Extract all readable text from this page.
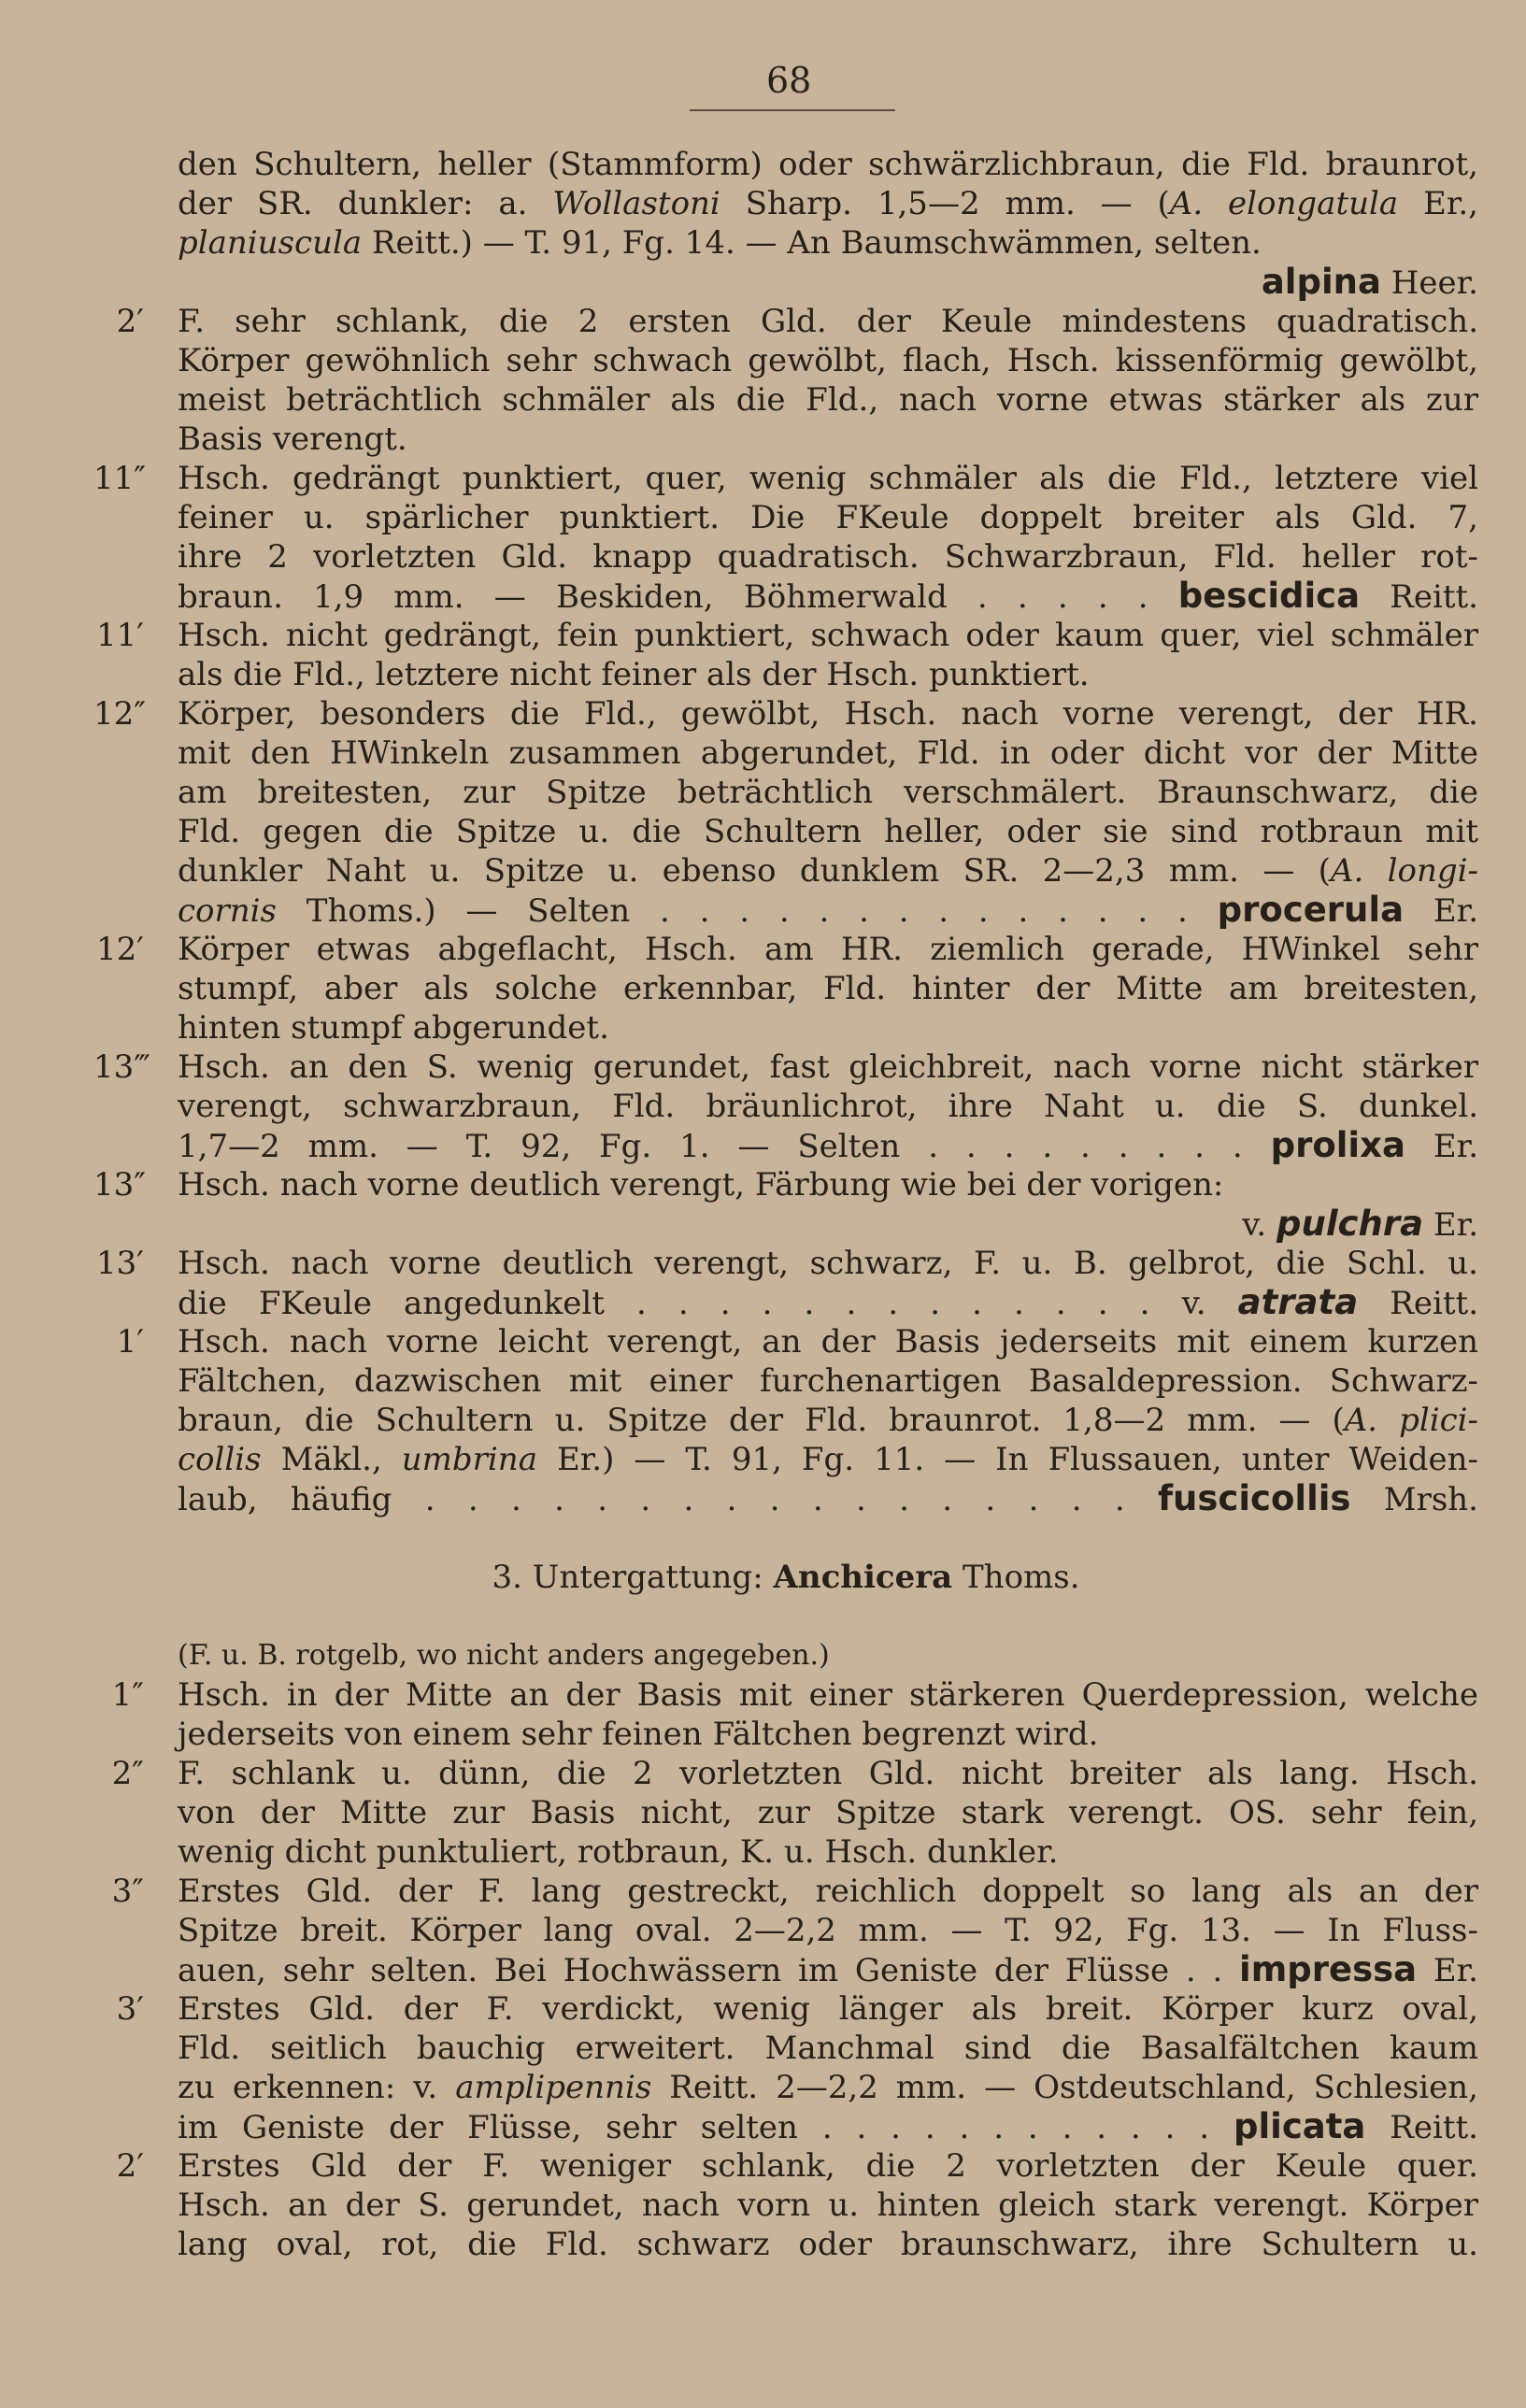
68
den Schultern, heller (Stammform) oder schwärzlichbraun, die Fld. braunrot,
der SR. dunkler: a. Wollastoni Sharp. 1,5—2 mm. — (A. elongatula Er.,
planiuscula Reitt.) — T. 91, Fg. 14. — An Baumschwämmen, selten.
alpina Heer.
2′ F. sehr schlank, die 2 ersten Gld. der Keule mindestens quadratisch.
Körper gewöhnlich sehr schwach gewölbt, flach, Hsch. kissenförmig gewölbt,
meist beträchtlich schmäler als die Fld., nach vorne etwas stärker als zur
Basis verengt.
11″ Hsch. gedrängt punktiert, quer, wenig schmäler als die Fld., letztere viel
feiner u. spärlicher punktiert. Die FKeule doppelt breiter als Gld. 7,
ihre 2 vorletzten Gld. knapp quadratisch. Schwarzbraun, Fld. heller rot-
braun. 1,9 mm. — Beskiden, Böhmerwald . . . . . bescidica Reitt.
11′ Hsch. nicht gedrängt, fein punktiert, schwach oder kaum quer, viel schmäler
als die Fld., letztere nicht feiner als der Hsch. punktiert.
12″ Körper, besonders die Fld., gewölbt, Hsch. nach vorne verengt, der HR.
mit den HWinkeln zusammen abgerundet, Fld. in oder dicht vor der Mitte
am breitesten, zur Spitze beträchtlich verschmälert. Braunschwarz, die
Fld. gegen die Spitze u. die Schultern heller, oder sie sind rotbraun mit
dunkler Naht u. Spitze u. ebenso dunklem SR. 2—2,3 mm. — (A. longi-
cornis Thoms.) — Selten . . . . . . . . . . . . . . procerula Er.
12′ Körper etwas abgeflacht, Hsch. am HR. ziemlich gerade, HWinkel sehr
stumpf, aber als solche erkennbar, Fld. hinter der Mitte am breitesten,
hinten stumpf abgerundet.
13‴ Hsch. an den S. wenig gerundet, fast gleichbreit, nach vorne nicht stärker
verengt, schwarzbraun, Fld. bräunlichrot, ihre Naht u. die S. dunkel.
1,7—2 mm. — T. 92, Fg. 1. — Selten . . . . . . . . . prolixa Er.
13″ Hsch. nach vorne deutlich verengt, Färbung wie bei der vorigen:
v. pulchra Er.
13′ Hsch. nach vorne deutlich verengt, schwarz, F. u. B. gelbrot, die Schl. u.
die FKeule angedunkelt . . . . . . . . . . . . . v. atrata Reitt.
1′ Hsch. nach vorne leicht verengt, an der Basis jederseits mit einem kurzen
Fältchen, dazwischen mit einer furchenartigen Basaldepression. Schwarz-
braun, die Schultern u. Spitze der Fld. braunrot. 1,8—2 mm. — (A. plici-
collis Mäkl., umbrina Er.) — T. 91, Fg. 11. — In Flussauen, unter Weiden-
laub, häufig . . . . . . . . . . . . . . . . . fuscicollis Mrsh.
3. Untergattung: Anchicera Thoms.
(F. u. B. rotgelb, wo nicht anders angegeben.)
1″ Hsch. in der Mitte an der Basis mit einer stärkeren Querdepression, welche
jederseits von einem sehr feinen Fältchen begrenzt wird.
2″ F. schlank u. dünn, die 2 vorletzten Gld. nicht breiter als lang. Hsch.
von der Mitte zur Basis nicht, zur Spitze stark verengt. OS. sehr fein,
wenig dicht punktuliert, rotbraun, K. u. Hsch. dunkler.
3″ Erstes Gld. der F. lang gestreckt, reichlich doppelt so lang als an der
Spitze breit. Körper lang oval. 2—2,2 mm. — T. 92, Fg. 13. — In Fluss-
auen, sehr selten. Bei Hochwässern im Geniste der Flüsse . . impressa Er.
3′ Erstes Gld. der F. verdickt, wenig länger als breit. Körper kurz oval,
Fld. seitlich bauchig erweitert. Manchmal sind die Basalfältchen kaum
zu erkennen: v. amplipennis Reitt. 2—2,2 mm. — Ostdeutschland, Schlesien,
im Geniste der Flüsse, sehr selten . . . . . . . . . . . . plicata Reitt.
2′ Erstes Gld der F. weniger schlank, die 2 vorletzten der Keule quer.
Hsch. an der S. gerundet, nach vorn u. hinten gleich stark verengt. Körper
lang oval, rot, die Fld. schwarz oder braunschwarz, ihre Schultern u.
